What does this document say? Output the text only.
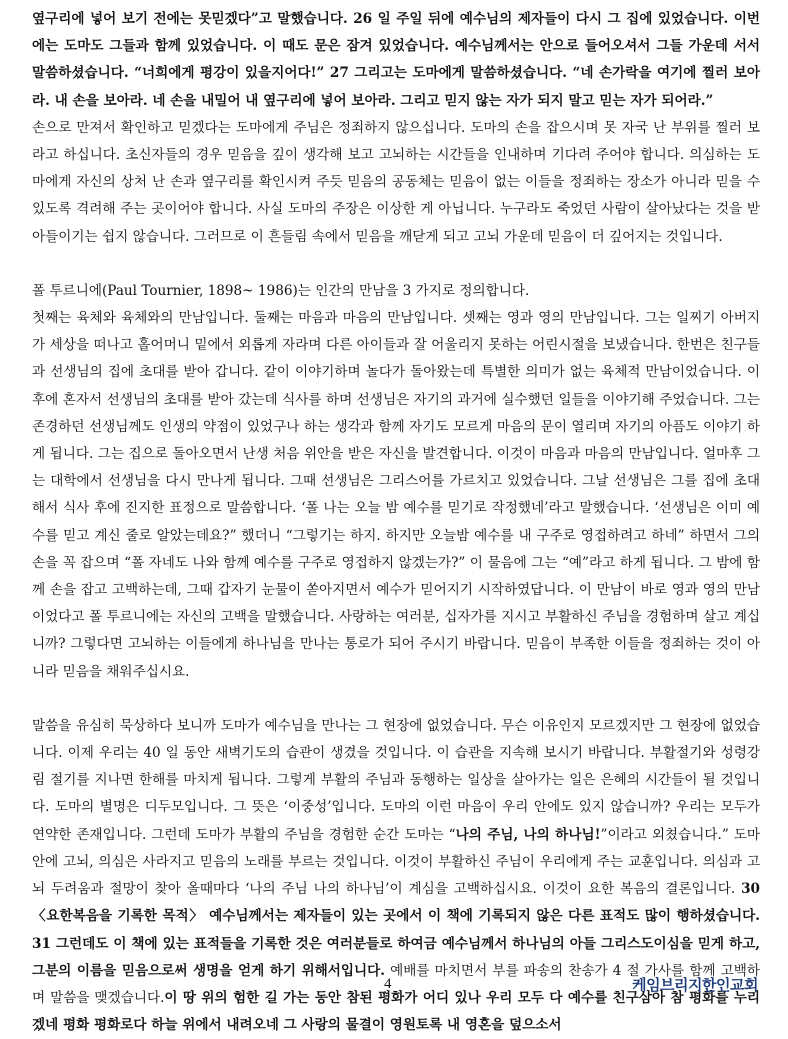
옆구리에 넣어 보기 전에는 못믿겠다”고 말했습니다. 26 일 주일 뒤에 예수님의 제자들이 다시 그 집에 있었습니다. 이번에는 도마도 그들과 함께 있었습니다. 이 때도 문은 잠겨 있었습니다. 예수님께서는 안으로 들어오셔서 그들 가운데 서서 말씀하셨습니다. “너희에게 평강이 있을지어다!” 27 그리고는 도마에게 말씀하셨습니다. “네 손가락을 여기에 찔러 보아라. 내 손을 보아라. 네 손을 내밀어 내 옆구리에 넣어 보아라. 그리고 믿지 않는 자가 되지 말고 믿는 자가 되어라.”

손으로 만져서 확인하고 믿겠다는 도마에게 주님은 정죄하지 않으십니다. 도마의 손을 잡으시며 못 자국 난 부위를 찔러 보라고 하십니다. 초신자들의 경우 믿음을 깊이 생각해 보고 고뇌하는 시간들을 인내하며 기다려 주어야 합니다. 의심하는 도마에게 자신의 상처 난 손과 옆구리를 확인시켜 주듯 믿음의 공동체는 믿음이 없는 이들을 정죄하는 장소가 아니라 믿을 수 있도록 격려해 주는 곳이어야 합니다. 사실 도마의 주장은 이상한 게 아닙니다. 누구라도 죽었던 사람이 살아났다는 것을 받아들이기는 쉽지 않습니다. 그러므로 이 흔들림 속에서 믿음을 깨닫게 되고 고뇌 가운데 믿음이 더 깊어지는 것입니다.

폴 투르니에(Paul Tournier, 1898~ 1986)는 인간의 만남을 3 가지로 정의합니다.

첫째는 육체와 육체와의 만남입니다. 둘째는 마음과 마음의 만남입니다. 셋째는 영과 영의 만남입니다. 그는 일찌기 아버지가 세상을 떠나고 홀어머니 밑에서 외롭게 자라며 다른 아이들과 잘 어울리지 못하는 어린시절을 보냈습니다. 한번은 친구들과 선생님의 집에 초대를 받아 갑니다. 같이 이야기하며 놀다가 돌아왔는데 특별한 의미가 없는 육체적 만남이었습니다. 이후에 혼자서 선생님의 초대를 받아 갔는데 식사를 하며 선생님은 자기의 과거에 실수했던 일들을 이야기해 주었습니다. 그는 존경하던 선생님께도 인생의 약점이 있었구나 하는 생각과 함께 자기도 모르게 마음의 문이 열리며 자기의 아픔도 이야기 하게 됩니다. 그는 집으로 돌아오면서 난생 처음 위안을 받은 자신을 발견합니다. 이것이 마음과 마음의 만남입니다. 얼마후 그는 대학에서 선생님을 다시 만나게 됩니다. 그때 선생님은 그리스어를 가르치고 있었습니다. 그날 선생님은 그를 집에 초대해서 식사 후에 진지한 표정으로 말씀합니다. ‘폴 나는 오늘 밤 예수를 믿기로 작정했네’라고 말했습니다. ‘선생님은 이미 예수를 믿고 계신 줄로 알았는데요?” 했더니 “그렇기는 하지. 하지만 오늘밤 예수를 내 구주로 영접하려고 하네” 하면서 그의 손을 꼭 잡으며 “폴 자네도 나와 함께 예수를 구주로 영접하지 않겠는가?” 이 물음에 그는 “예”라고 하게 됩니다. 그 밤에 함께 손을 잡고 고백하는데, 그때 갑자기 눈물이 쏟아지면서 예수가 믿어지기 시작하였답니다. 이 만남이 바로 영과 영의 만남이었다고 폴 투르니에는 자신의 고백을 말했습니다. 사랑하는 여러분, 십자가를 지시고 부활하신 주님을 경험하며 살고 계십니까? 그렇다면 고뇌하는 이들에게 하나님을 만나는 통로가 되어 주시기 바랍니다. 믿음이 부족한 이들을 정죄하는 것이 아니라 믿음을 채워주십시요.

말씀을 유심히 묵상하다 보니까 도마가 예수님을 만나는 그 현장에 없었습니다. 무슨 이유인지 모르겠지만 그 현장에 없었습니다. 이제 우리는 40 일 동안 새벽기도의 습관이 생겼을 것입니다. 이 습관을 지속해 보시기 바랍니다. 부활절기와 성령강림 절기를 지나면 한해를 마치게 됩니다. 그렇게 부활의 주님과 동행하는 일상을 살아가는 일은 은혜의 시간들이 될 것입니다. 도마의 별명은 디두모입니다. 그 뜻은 ‘이중성’입니다. 도마의 이런 마음이 우리 안에도 있지 않습니까? 우리는 모두가 연약한 존재입니다. 그런데 도마가 부활의 주님을 경험한 순간 도마는 “나의 주님, 나의 하나님!”이라고 외쳤습니다.” 도마 안에 고뇌, 의심은 사라지고 믿음의 노래를 부르는 것입니다. 이것이 부활하신 주님이 우리에게 주는 교훈입니다. 의심과 고뇌 두려움과 절망이 찾아 올때마다 ‘나의 주님 나의 하나님’이 계심을 고백하십시요. 이것이 요한 복음의 결론입니다. 30 〈요한복음을 기록한 목적〉 예수님께서는 제자들이 있는 곳에서 이 책에 기록되지 않은 다른 표적도 많이 행하셨습니다. 31 그런데도 이 책에 있는 표적들을 기록한 것은 여러분들로 하여금 예수님께서 하나님의 아들 그리스도이심을 믿게 하고, 그분의 이름을 믿음으로써 생명을 얻게 하기 위해서입니다. 예배를 마치면서 부를 파송의 찬송가 4 절 가사를 함께 고백하며 말씀을 맺겠습니다.이 땅 위의 험한 길 가는 동안 참된 평화가 어디 있나 우리 모두 다 예수를 친구삼아 참 평화를 누리겠네 평화 평화로다 하늘 위에서 내려오네 그 사랑의 물결이 영원토록 내 영혼을 덮으소서

4	케임브리지한인교회
